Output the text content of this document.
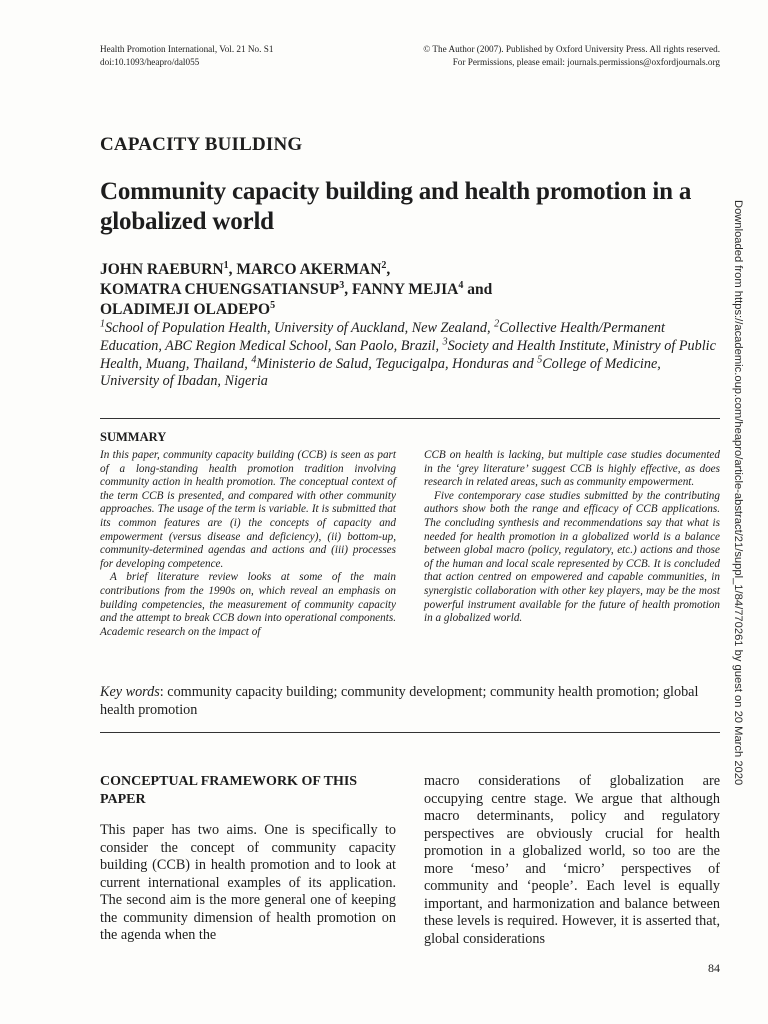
Health Promotion International, Vol. 21 No. S1
doi:10.1093/heapro/dal055
© The Author (2007). Published by Oxford University Press. All rights reserved.
For Permissions, please email: journals.permissions@oxfordjournals.org
CAPACITY BUILDING
Community capacity building and health promotion in a globalized world
JOHN RAEBURN$^1$, MARCO AKERMAN$^2$,
KOMATRA CHUENGSATIANSUP$^3$, FANNY MEJIA$^4$ and
OLADIMEJI OLADEPO$^5$
$^1$School of Population Health, University of Auckland, New Zealand, $^2$Collective Health/Permanent Education, ABC Region Medical School, San Paolo, Brazil, $^3$Society and Health Institute, Ministry of Public Health, Muang, Thailand, $^4$Ministerio de Salud, Tegucigalpa, Honduras and $^5$College of Medicine, University of Ibadan, Nigeria
SUMMARY

In this paper, community capacity building (CCB) is seen as part of a long-standing health promotion tradition involving community action in health promotion. The conceptual context of the term CCB is presented, and compared with other community approaches. The usage of the term is variable. It is submitted that its common features are (i) the concepts of capacity and empowerment (versus disease and deficiency), (ii) bottom-up, community-determined agendas and actions and (iii) processes for developing competence.

A brief literature review looks at some of the main contributions from the 1990s on, which reveal an emphasis on building competencies, the measurement of community capacity and the attempt to break CCB down into operational components. Academic research on the impact of

CCB on health is lacking, but multiple case studies documented in the ‘grey literature’ suggest CCB is highly effective, as does research in related areas, such as community empowerment.

Five contemporary case studies submitted by the contributing authors show both the range and efficacy of CCB applications. The concluding synthesis and recommendations say that what is needed for health promotion in a globalized world is a balance between global macro (policy, regulatory, etc.) actions and those of the human and local scale represented by CCB. It is concluded that action centred on empowered and capable communities, in synergistic collaboration with other key players, may be the most powerful instrument available for the future of health promotion in a globalized world.

Key words: community capacity building; community development; community health promotion; global health promotion
CONCEPTUAL FRAMEWORK OF THIS PAPER

This paper has two aims. One is specifically to consider the concept of community capacity building (CCB) in health promotion and to look at current international examples of its application. The second aim is the more general one of keeping the community dimension of health promotion on the agenda when the

macro considerations of globalization are occupying centre stage. We argue that although macro determinants, policy and regulatory perspectives are obviously crucial for health promotion in a globalized world, so too are the more ‘meso’ and ‘micro’ perspectives of community and ‘people’. Each level is equally important, and harmonization and balance between these levels is required. However, it is asserted that, global considerations

Downloaded from https://academic.oup.com/heapro/article-abstract/21/suppl_1/84/770261 by guest on 20 March 2020
84
